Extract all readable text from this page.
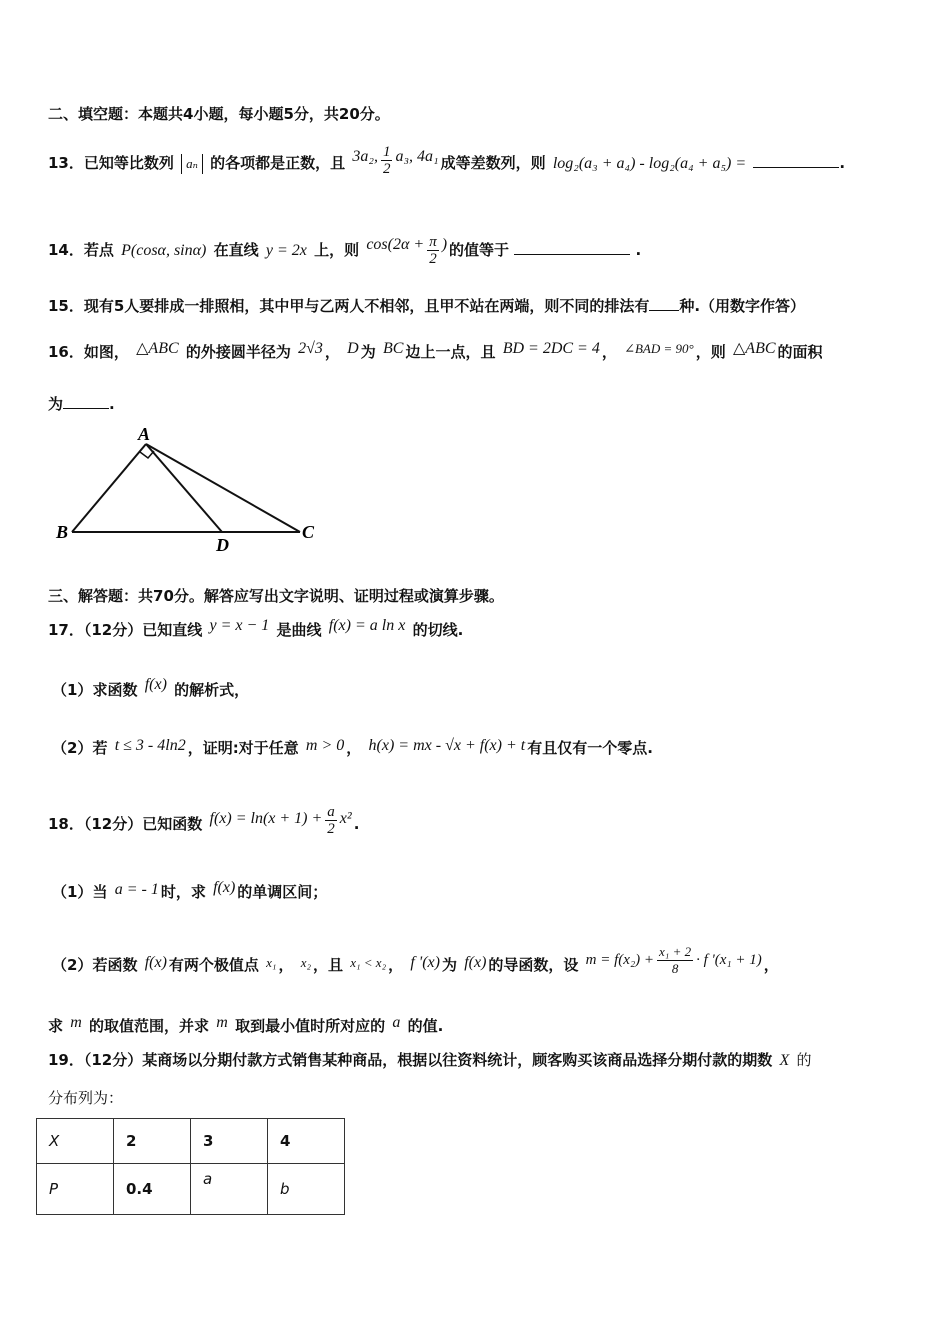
二、填空题：本题共4小题，每小题5分，共20分。
13．已知等比数列 aₙ 的各项都是正数，且 3a₂, $\frac{1}{2} a_3$, 4a₁ 成等差数列，则 log₂(a₃ + a₄) - log₂(a₄ + a₅) =	.
14．若点 P(cosα, sinα) 在直线 y = 2x 上，则 $\cos(2\alpha + \frac{\pi}{2}$ ) 的值等于	.
15．现有5人要排成一排照相，其中甲与乙两人不相邻，且甲不站在两端，则不同的排法有 种.（用数字作答）
16．如图， △ABC 的外接圆半径为 2√3 ， D 为 BC 边上一点，且 BD = 2DC = 4 ， ∠BAD = 90° ，则 △ABC 的面积
为	.
A
B
D
C
三、解答题：共70分。解答应写出文字说明、证明过程或演算步骤。
17．（12分）已知直线 y = x − 1 是曲线 f(x) = a ln x 的切线.
（1）求函数 f(x) 的解析式，
（2）若 t ≤ 3 - 4ln2 ，证明:对于任意 m > 0 ， h(x) = mx - √x + f(x) + t 有且仅有一个零点.
18．（12分）已知函数 $f(x) = \ln(x + 1) + \frac{a}{2} x^2$ .
（1）当 a = - 1 时，求 f(x) 的单调区间；
（2）若函数 f(x) 有两个极值点 x₁ ， x₂ ，且 x₁ < x₂ ， f '(x) 为 f(x) 的导函数，设 $m = f(x_2) + \frac{\text{x₁ + 2}}{8} \cdot f$ '(x₁ + 1) ，
求 m 的取值范围，并求 m 取到最小值时所对应的 a 的值.
19．（12分）某商场以分期付款方式销售某种商品，根据以往资料统计，顾客购买该商品选择分期付款的期数 X 的
分布列为：
X	2	3	4
P	0.4	a	b
